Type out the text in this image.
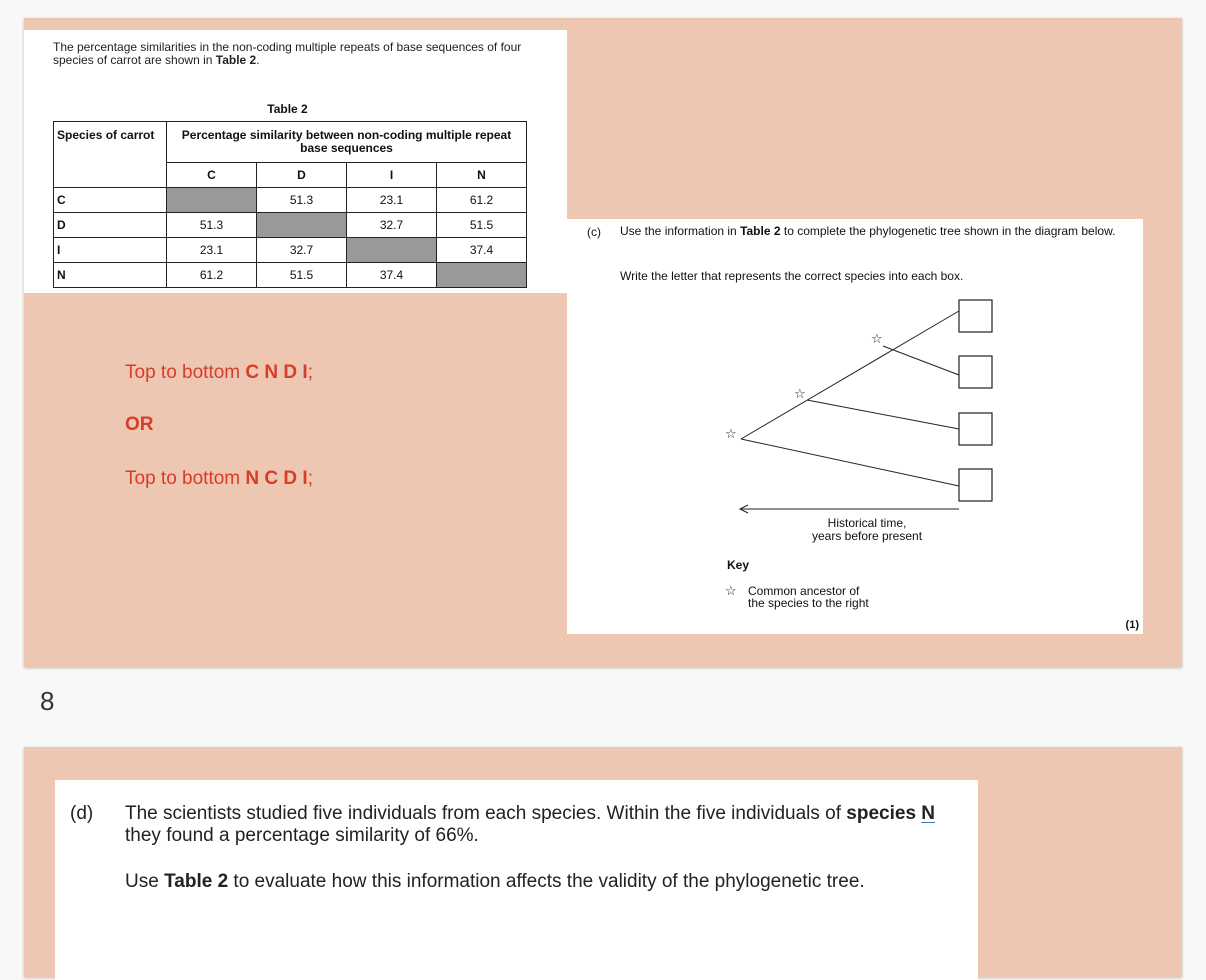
The percentage similarities in the non-coding multiple repeats of base sequences of four species of carrot are shown in Table 2.
Table 2
Species of carrot	Percentage similarity between non-coding multiple repeat base sequences			
	C	D	I	N
C		51.3	23.1	61.2
D	51.3		32.7	51.5
I	23.1	32.7		37.4
N	61.2	51.5	37.4	
Top to bottom C N D I;
OR
Top to bottom N C D I;
(c) Use the information in Table 2 to complete the phylogenetic tree shown in the diagram below.
Write the letter that represents the correct species into each box.
☆
☆
☆
Historical time,
years before present
Key
☆ Common ancestor of
the species to the right
(1)
8
(d) The scientists studied five individuals from each species. Within the five individuals of species N they found a percentage similarity of 66%.
Use Table 2 to evaluate how this information affects the validity of the phylogenetic tree.
